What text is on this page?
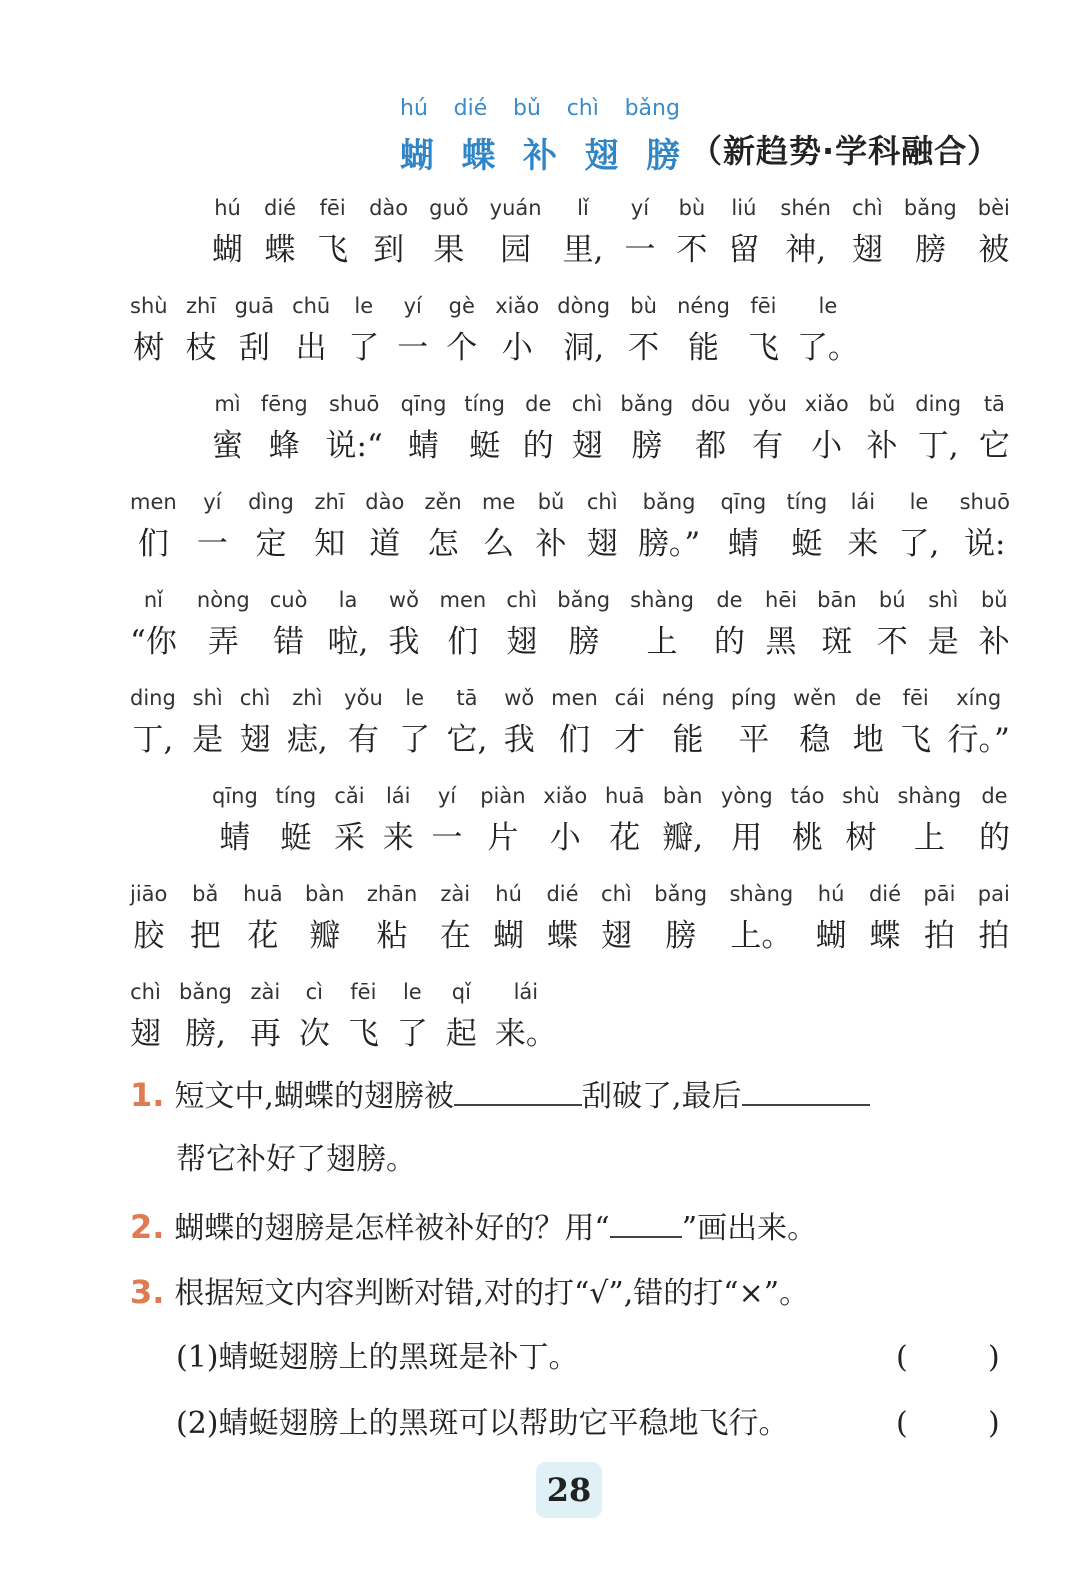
hú dié bǔ chì bǎng
蝴 蝶 补 翅 膀 （新趋势·学科融合）
hú
蝴
dié
蝶
fēi
飞
dào
到
guǒ
果
yuán
园
lǐ
里,
yí
一
bù
不
liú
留
shén
神,
chì
翅
bǎng
膀
bèi
被
shù
树
zhī
枝
guā
刮
chū
出
le
了
yí
一
gè
个
xiǎo
小
dòng
洞,
bù
不
néng
能
fēi
飞
le
了。
mì
蜜
fēng
蜂
shuō
说:“
qīng
蜻
tíng
蜓
de
的
chì
翅
bǎng
膀
dōu
都
yǒu
有
xiǎo
小
bǔ
补
ding
丁,
tā
它
men
们
yí
一
dìng
定
zhī
知
dào
道
zěn
怎
me
么
bǔ
补
chì
翅
bǎng
膀。”
qīng
蜻
tíng
蜓
lái
来
le
了,
shuō
说:
nǐ
“你
nòng
弄
cuò
错
la
啦,
wǒ
我
men
们
chì
翅
bǎng
膀
shàng
上
de
的
hēi
黑
bān
斑
bú
不
shì
是
bǔ
补
ding
丁,
shì
是
chì
翅
zhì
痣,
yǒu
有
le
了
tā
它,
wǒ
我
men
们
cái
才
néng
能
píng
平
wěn
稳
de
地
fēi
飞
xíng
行。”
qīng
蜻
tíng
蜓
cǎi
采
lái
来
yí
一
piàn
片
xiǎo
小
huā
花
bàn
瓣,
yòng
用
táo
桃
shù
树
shàng
上
de
的
jiāo
胶
bǎ
把
huā
花
bàn
瓣
zhān
粘
zài
在
hú
蝴
dié
蝶
chì
翅
bǎng
膀
shàng
上。
hú
蝴
dié
蝶
pāi
拍
pai
拍
chì
翅
bǎng
膀,
zài
再
cì
次
fēi
飞
le
了
qǐ
起
lái
来。
1. 短文中,蝴蝶的翅膀被	刮破了,最后
帮它补好了翅膀。
2. 蝴蝶的翅膀是怎样被补好的？用“ ”画出来。
3. 根据短文内容判断对错,对的打“√”,错的打“×”。
(1)蜻蜓翅膀上的黑斑是补丁。	(	)
(2)蜻蜓翅膀上的黑斑可以帮助它平稳地飞行。	(	)
28
